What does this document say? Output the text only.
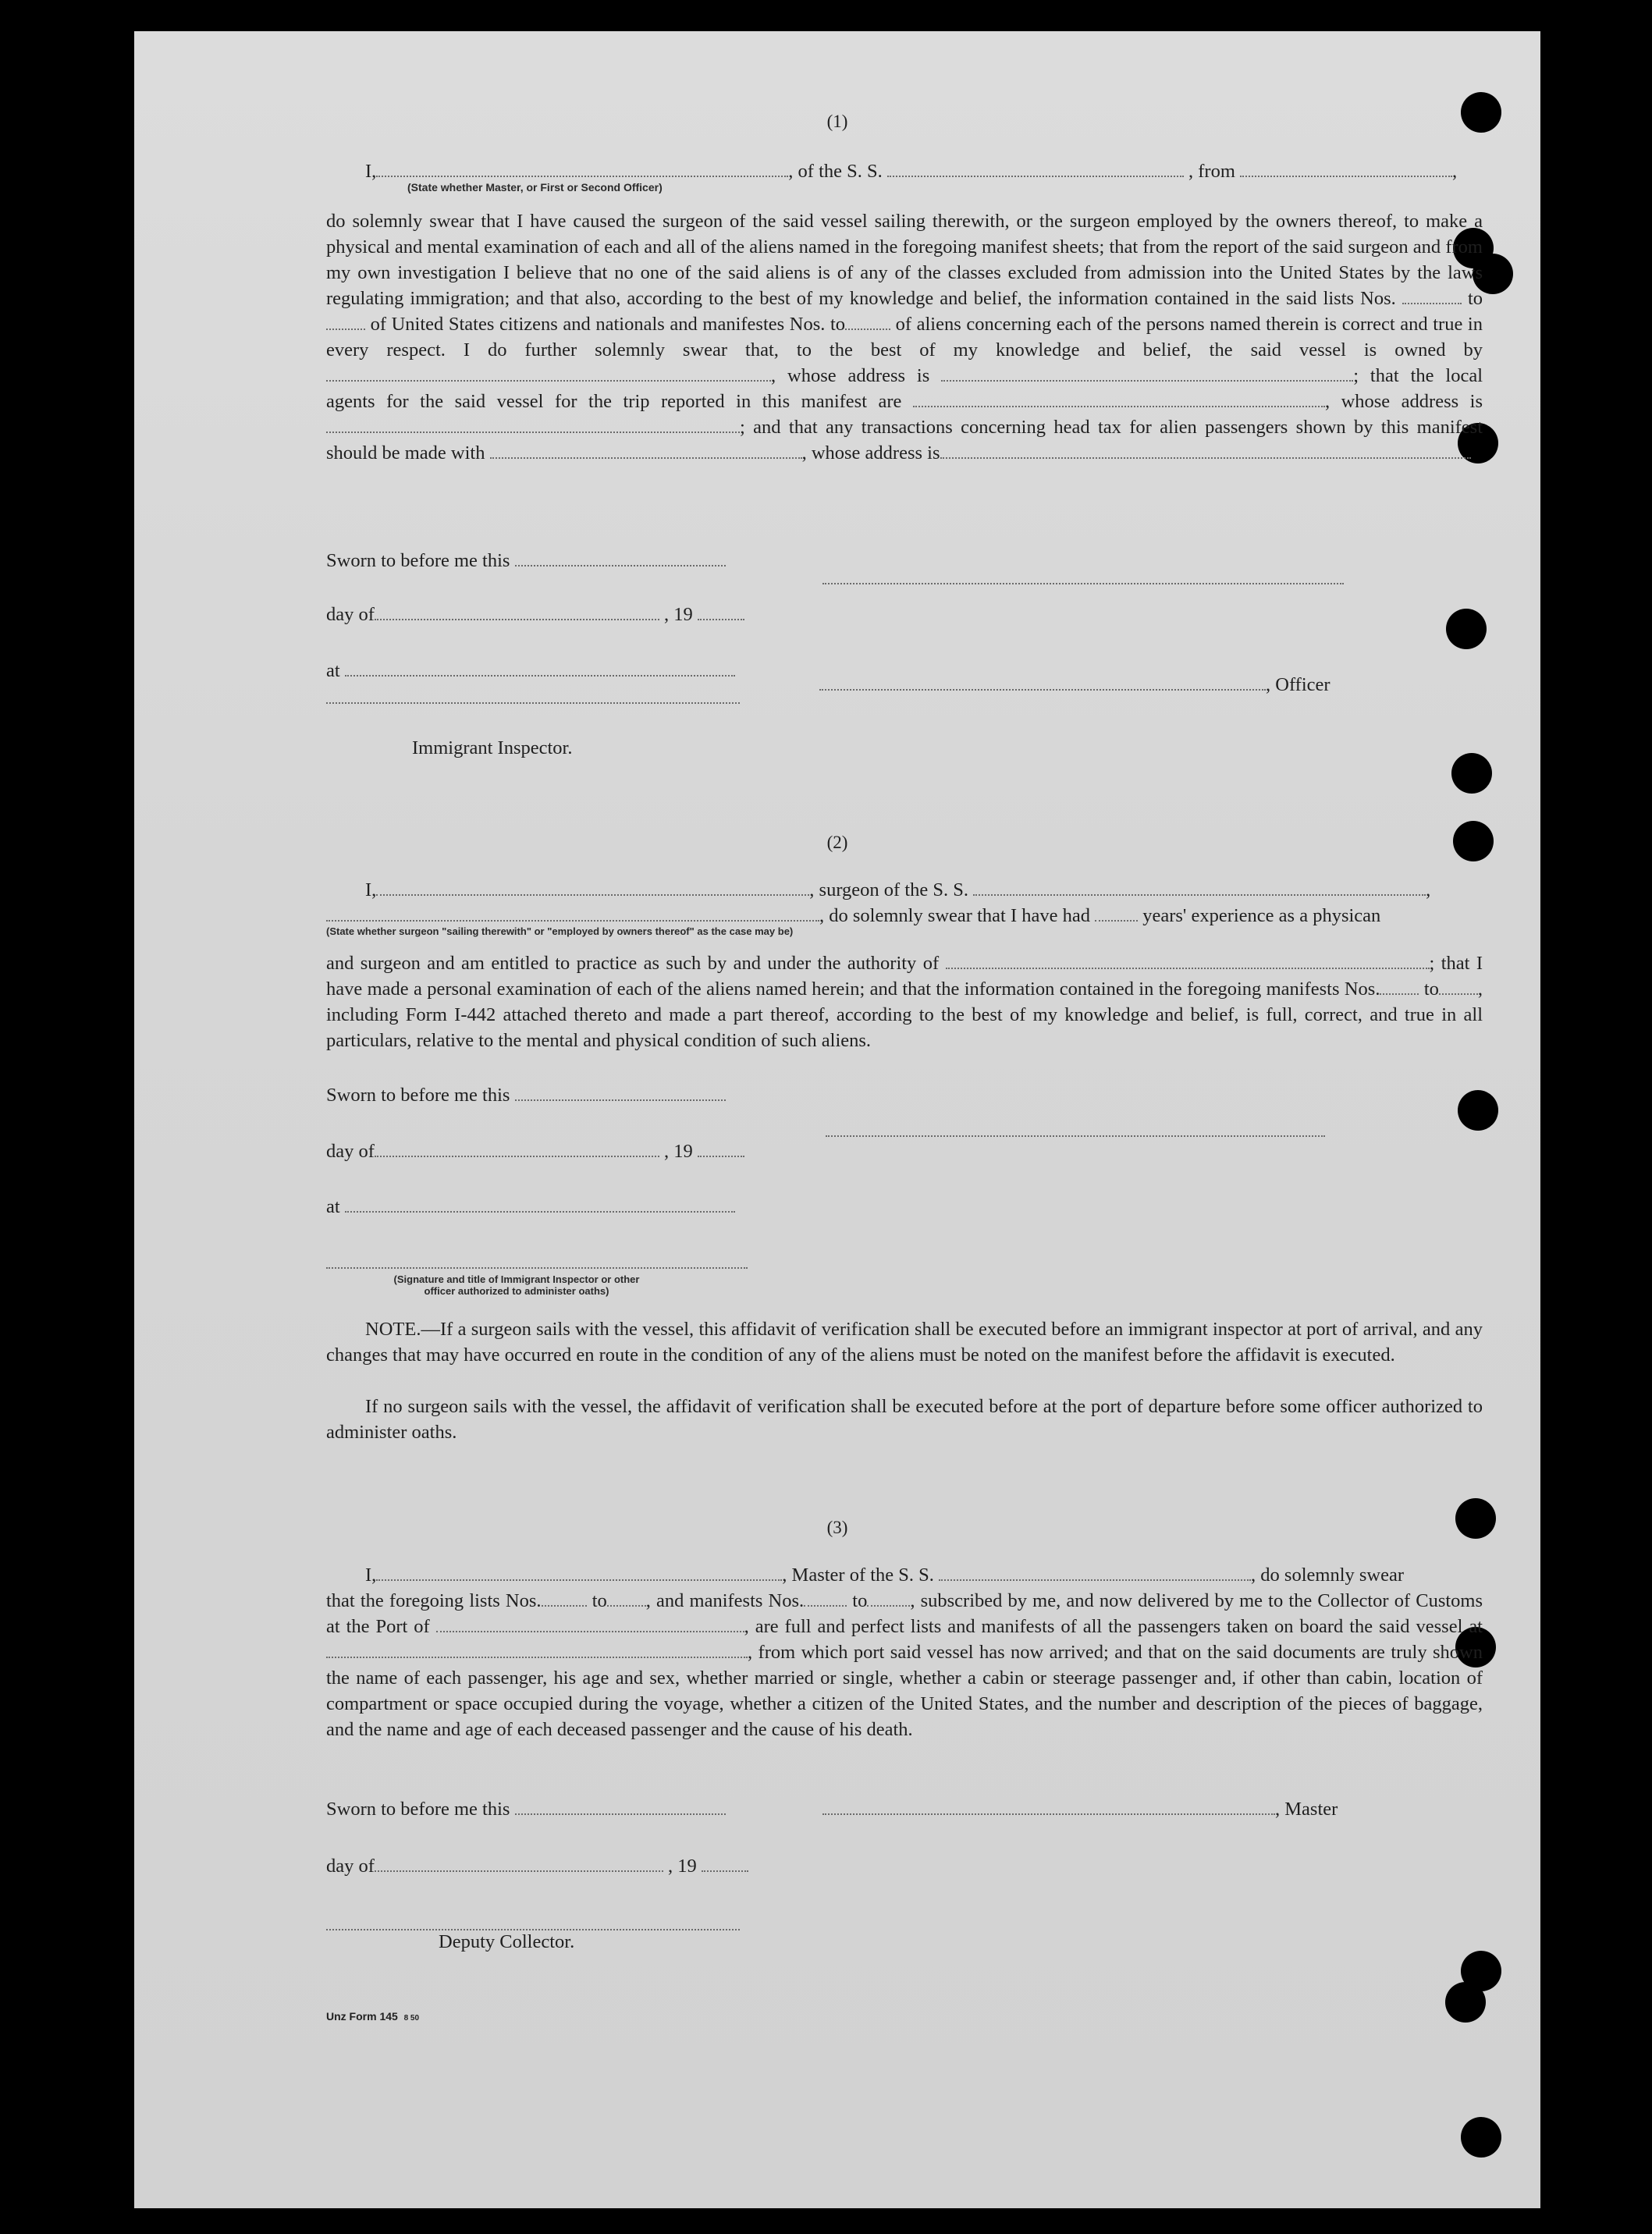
(1)
I,	, of the S. S.	, from	,
(State whether Master, or First or Second Officer)
do solemnly swear that I have caused the surgeon of the said vessel sailing therewith, or the surgeon employed by the owners thereof, to make a physical and mental examination of each and all of the aliens named in the foregoing manifest sheets; that from the report of the said surgeon and from my own investigation I believe that no one of the said aliens is of any of the classes excluded from admission into the United States by the laws regulating immigration; and that also, according to the best of my knowledge and belief, the information contained in the said lists Nos.	to  of United States citizens and nationals and manifestes Nos. to	of aliens concerning each of the persons named therein is correct and true in every respect. I do further solemnly swear that, to the best of my knowledge and belief, the said vessel is owned by , whose address is	; that the local agents for the said vessel for the trip reported in this manifest are	, whose address is ; and that any transactions concerning head tax for alien passengers shown by this manifest should be made with	, whose address is
Sworn to before me this
day of	, 19
at
, Officer
Immigrant Inspector.
(2)
I,	, surgeon of the S. S.	,
, do solemnly swear that I have had	years' experience as a physican
(State whether surgeon "sailing therewith" or "employed by owners thereof" as the case may be)
and surgeon and am entitled to practice as such by and under the authority of	; that I have made a personal examination of each of the aliens named herein; and that the information contained in the foregoing manifests Nos. to , including Form I-442 attached thereto and made a part thereof, according to the best of my knowledge and belief, is full, correct, and true in all particulars, relative to the mental and physical condition of such aliens.
Sworn to before me this
day of	, 19
at
(Signature and title of Immigrant Inspector or other
officer authorized to administer oaths)
NOTE.—If a surgeon sails with the vessel, this affidavit of verification shall be executed before an immigrant inspector at port of arrival, and any changes that may have occurred en route in the condition of any of the aliens must be noted on the manifest before the affidavit is executed.
If no surgeon sails with the vessel, the affidavit of verification shall be executed before at the port of departure before some officer authorized to administer oaths.
(3)
I,	, Master of the S. S.	, do solemnly swear
that the foregoing lists Nos.	to , and manifests Nos.	to , subscribed by me, and now delivered by me to the Collector of Customs at the Port of	, are full and perfect lists and manifests of all the passengers taken on board the said vessel at , from which port said vessel has now arrived; and that on the said documents are truly shown the name of each passenger, his age and sex, whether married or single, whether a cabin or steerage passenger and, if other than cabin, location of compartment or space occupied during the voyage, whether a citizen of the United States, and the number and description of the pieces of baggage, and the name and age of each deceased passenger and the cause of his death.
Sworn to before me this	, Master
day of	, 19
Deputy Collector.
Unz Form 145 8 50
